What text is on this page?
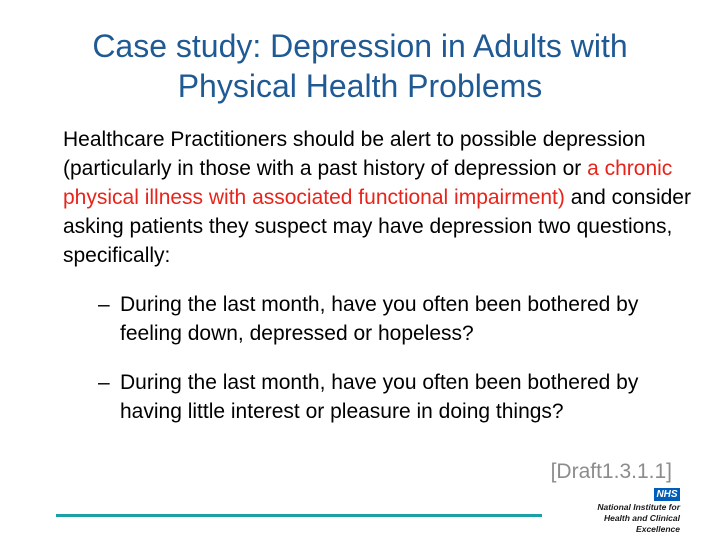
Case study: Depression in Adults with
Physical Health Problems
Healthcare Practitioners should be alert to possible depression (particularly in those with a past history of depression or a chronic physical illness with associated functional impairment) and consider asking patients they suspect may have depression two questions, specifically:
– During the last month, have you often been bothered by feeling down, depressed or hopeless?
– During the last month, have you often been bothered by having little interest or pleasure in doing things?
[Draft1.3.1.1]
NHS
National Institute for
Health and Clinical Excellence
